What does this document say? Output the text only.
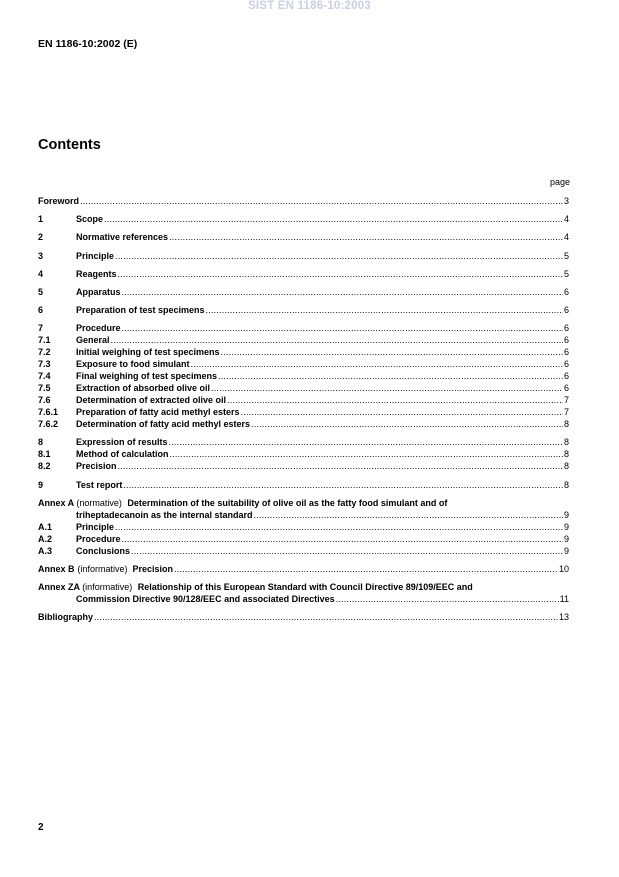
SIST EN 1186-10:2003
EN 1186-10:2002 (E)
Contents
page
Foreword .....	3
1	Scope .....	4
2	Normative references .....	4
3	Principle .....	5
4	Reagents .....	5
5	Apparatus .....	6
6	Preparation of test specimens .....	6
7	Procedure .....	6
7.1	General .....	6
7.2	Initial weighing of test specimens .....	6
7.3	Exposure to food simulant .....	6
7.4	Final weighing of test specimens .....	6
7.5	Extraction of absorbed olive oil .....	6
7.6	Determination of extracted olive oil .....	7
7.6.1	Preparation of fatty acid methyl esters .....	7
7.6.2	Determination of fatty acid methyl esters .....	8
8	Expression of results .....	8
8.1	Method of calculation .....	8
8.2	Precision .....	8
9	Test report .....	8
Annex A (normative) Determination of the suitability of olive oil as the fatty food simulant and of
triheptadecanoin as the internal standard .....	9
A.1	Principle .....	9
A.2	Procedure .....	9
A.3	Conclusions .....	9
Annex B (informative) Precision .....	10
Annex ZA (informative) Relationship of this European Standard with Council Directive 89/109/EEC and
Commission Directive 90/128/EEC and associated Directives .....	11
Bibliography .....	13
2
